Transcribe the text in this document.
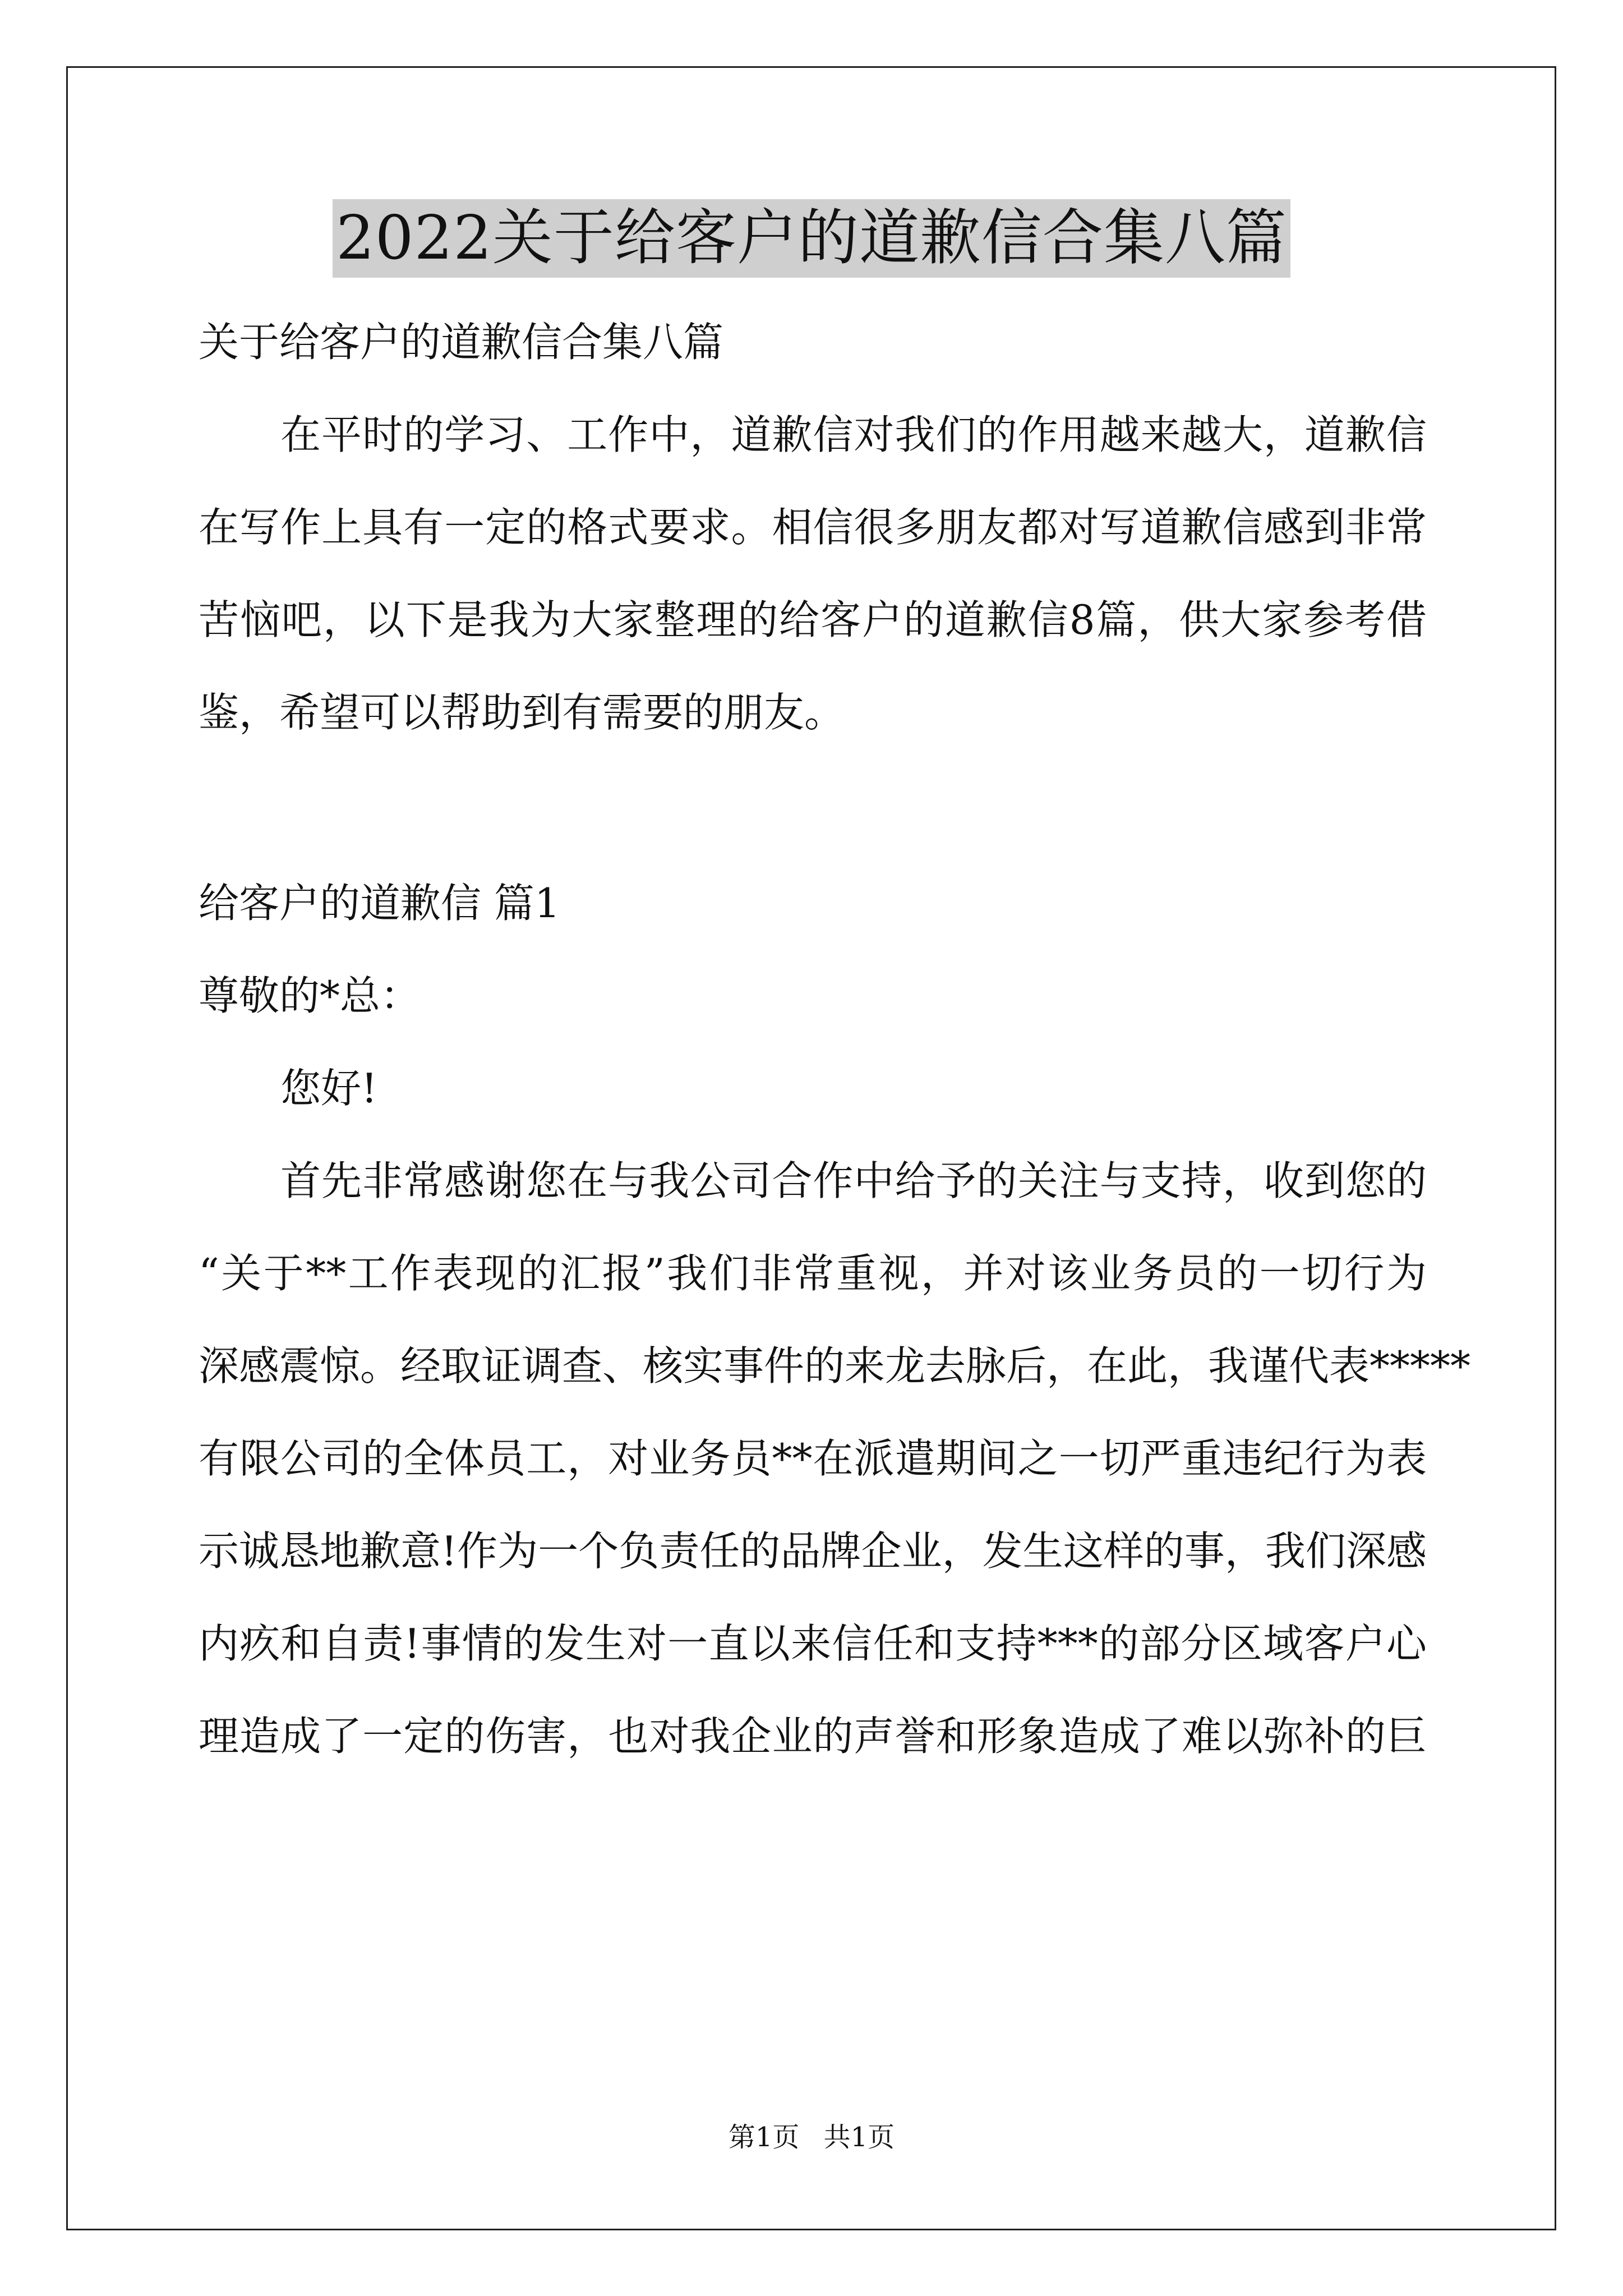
2022关于给客户的道歉信合集八篇
关于给客户的道歉信合集八篇
在平时的学习、工作中，道歉信对我们的作用越来越大，道歉信
在写作上具有一定的格式要求。相信很多朋友都对写道歉信感到非常
苦恼吧，以下是我为大家整理的给客户的道歉信8篇，供大家参考借
鉴，希望可以帮助到有需要的朋友。
给客户的道歉信 篇1
尊敬的*总：
您好!
首先非常感谢您在与我公司合作中给予的关注与支持，收到您的
“关于**工作表现的汇报”我们非常重视，并对该业务员的一切行为
深感震惊。经取证调查、核实事件的来龙去脉后，在此，我谨代表*****
有限公司的全体员工，对业务员**在派遣期间之一切严重违纪行为表
示诚恳地歉意!作为一个负责任的品牌企业，发生这样的事，我们深感
内疚和自责!事情的发生对一直以来信任和支持***的部分区域客户心
理造成了一定的伤害，也对我企业的声誉和形象造成了难以弥补的巨
第1页 共1页
